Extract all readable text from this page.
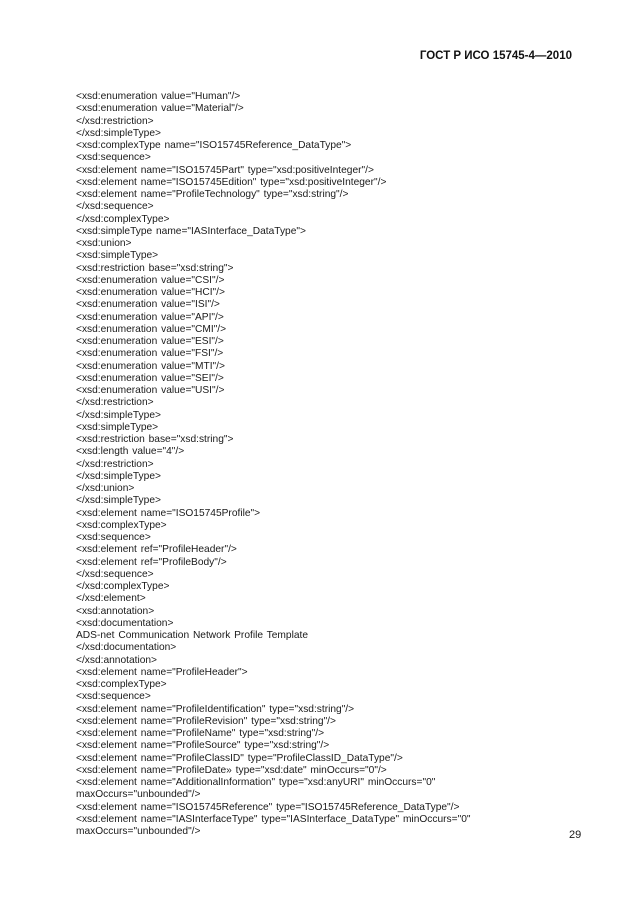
ГОСТ Р ИСО 15745-4—2010
<xsd:enumeration value="Human"/>
<xsd:enumeration value="Material"/>
</xsd:restriction>
</xsd:simpleType>
<xsd:complexType name="ISO15745Reference_DataType">
<xsd:sequence>
<xsd:element name="ISO15745Part" type="xsd:positiveInteger"/>
<xsd:element name="ISO15745Edition" type="xsd:positiveInteger"/>
<xsd:element name="ProfileTechnology" type="xsd:string"/>
</xsd:sequence>
</xsd:complexType>
<xsd:simpleType name="IASInterface_DataType">
<xsd:union>
<xsd:simpleType>
<xsd:restriction base="xsd:string">
<xsd:enumeration value="CSI"/>
<xsd:enumeration value="HCI"/>
<xsd:enumeration value="ISI"/>
<xsd:enumeration value="API"/>
<xsd:enumeration value="CMI"/>
<xsd:enumeration value="ESI"/>
<xsd:enumeration value="FSI"/>
<xsd:enumeration value="MTI"/>
<xsd:enumeration value="SEI"/>
<xsd:enumeration value="USI"/>
</xsd:restriction>
</xsd:simpleType>
<xsd:simpleType>
<xsd:restriction base="xsd:string">
<xsd:length value="4"/>
</xsd:restriction>
</xsd:simpleType>
</xsd:union>
</xsd:simpleType>
<xsd:element name="ISO15745Profile">
<xsd:complexType>
<xsd:sequence>
<xsd:element ref="ProfileHeader"/>
<xsd:element ref="ProfileBody"/>
</xsd:sequence>
</xsd:complexType>
</xsd:element>
<xsd:annotation>
<xsd:documentation>
ADS-net Communication Network Profile Template
</xsd:documentation>
</xsd:annotation>
<xsd:element name="ProfileHeader">
<xsd:complexType>
<xsd:sequence>
<xsd:element name="ProfileIdentification" type="xsd:string"/>
<xsd:element name="ProfileRevision" type="xsd:string"/>
<xsd:element name="ProfileName" type="xsd:string"/>
<xsd:element name="ProfileSource" type="xsd:string"/>
<xsd:element name="ProfileClassID" type="ProfileClassID_DataType"/>
<xsd:element name="ProfileDate» type="xsd:date" minOccurs="0"/>
<xsd:element name="AdditionalInformation" type="xsd:anyURI" minOccurs="0"
maxOccurs="unbounded"/>
<xsd:element name="ISO15745Reference" type="ISO15745Reference_DataType"/>
<xsd:element name="IASInterfaceType" type="IASInterface_DataType" minOccurs="0"
maxOccurs="unbounded"/>	29
